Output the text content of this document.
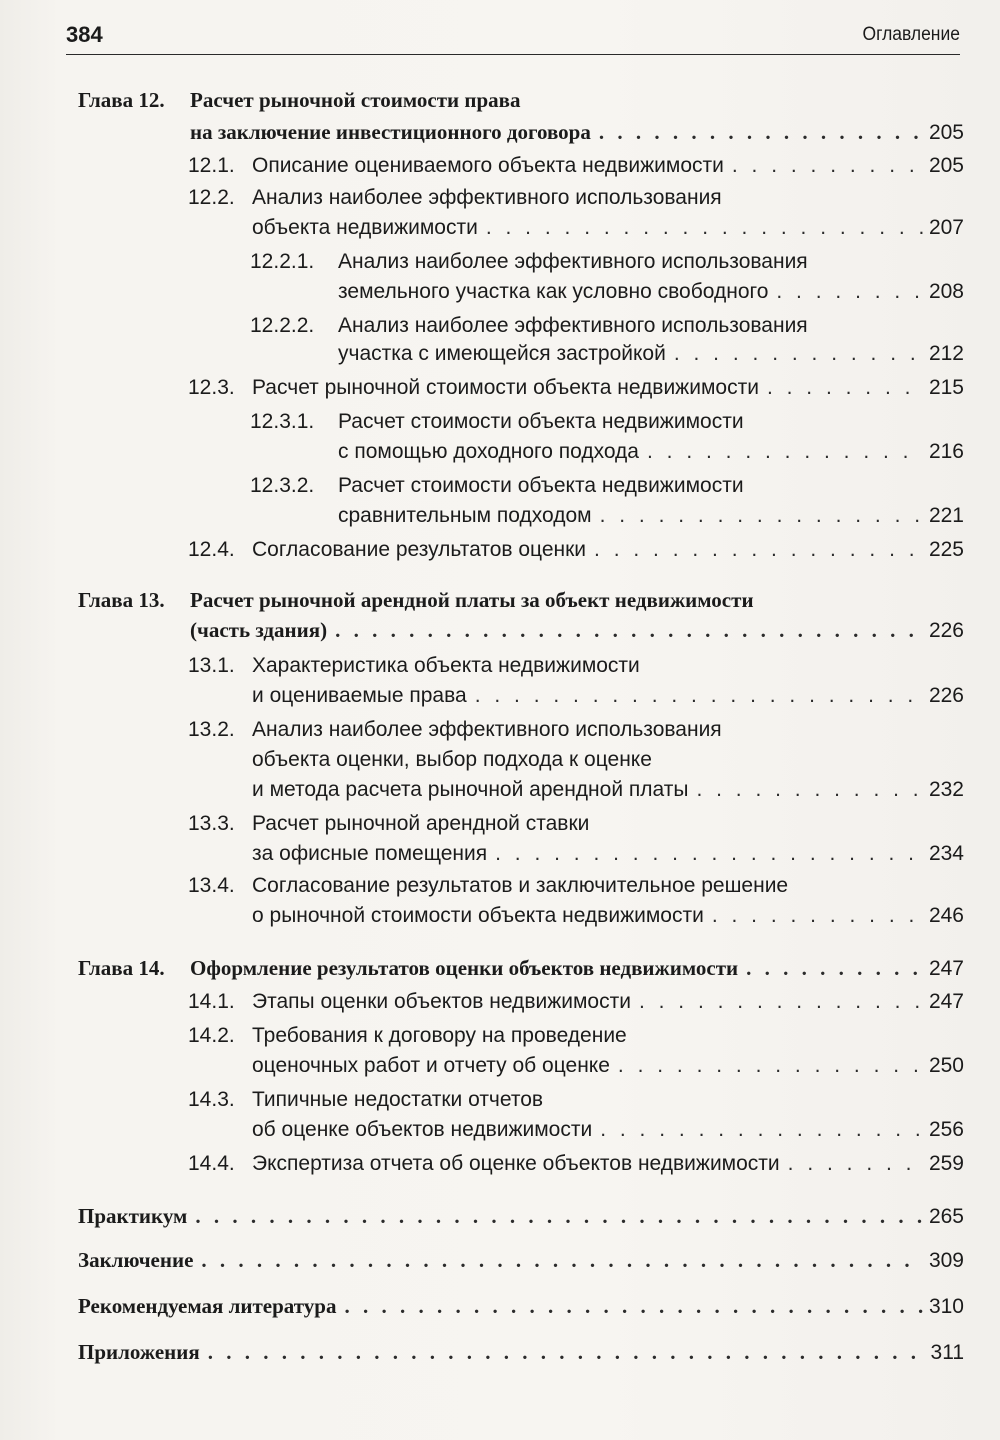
384	Оглавление
Глава 12. Расчет рыночной стоимости права
на заключение инвестиционного договора . . .	205
12.1. Описание оцениваемого объекта недвижимости . . .	205
12.2. Анализ наиболее эффективного использования
объекта недвижимости . . .	207
12.2.1. Анализ наиболее эффективного использования
земельного участка как условно свободного . . .	208
12.2.2. Анализ наиболее эффективного использования
участка с имеющейся застройкой . . .	212
12.3. Расчет рыночной стоимости объекта недвижимости . . .	215
12.3.1. Расчет стоимости объекта недвижимости
с помощью доходного подхода . . .	216
12.3.2. Расчет стоимости объекта недвижимости
сравнительным подходом . . .	221
12.4. Согласование результатов оценки . . .	225
Глава 13. Расчет рыночной арендной платы за объект недвижимости
(часть здания) . . .	226
13.1. Характеристика объекта недвижимости
и оцениваемые права . . .	226
13.2. Анализ наиболее эффективного использования
объекта оценки, выбор подхода к оценке
и метода расчета рыночной арендной платы . . .	232
13.3. Расчет рыночной арендной ставки
за офисные помещения . . .	234
13.4. Согласование результатов и заключительное решение
о рыночной стоимости объекта недвижимости . . .	246
Глава 14. Оформление результатов оценки объектов недвижимости . . .	247
14.1. Этапы оценки объектов недвижимости . . .	247
14.2. Требования к договору на проведение
оценочных работ и отчету об оценке . . .	250
14.3. Типичные недостатки отчетов
об оценке объектов недвижимости . . .	256
14.4. Экспертиза отчета об оценке объектов недвижимости . . .	259
Практикум . . .	265
Заключение . . .	309
Рекомендуемая литература . . .	310
Приложения . . .	311
